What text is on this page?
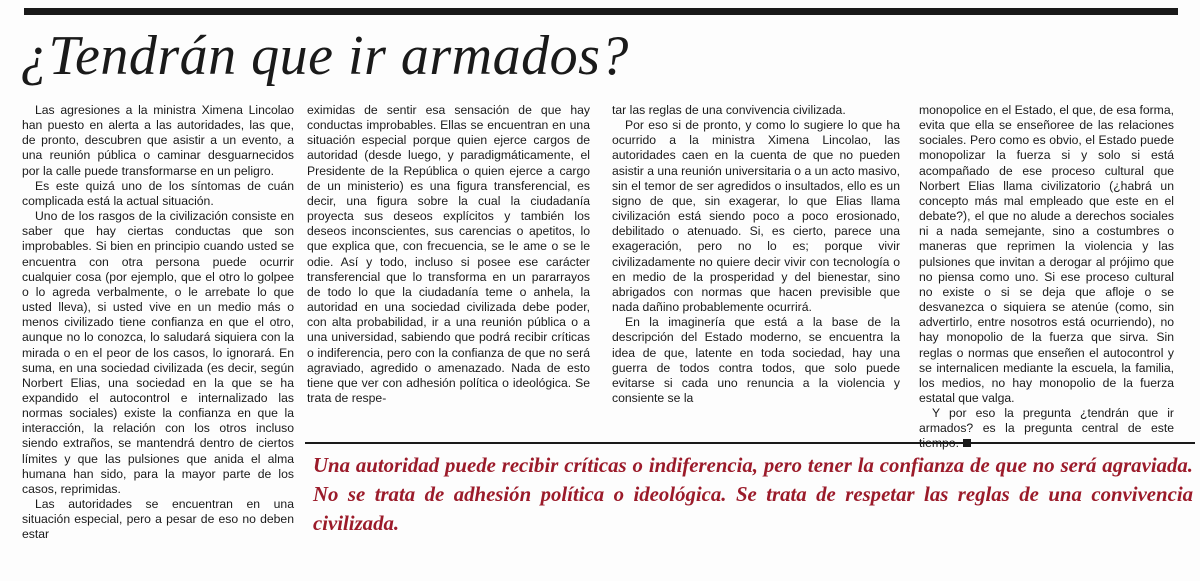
¿Tendrán que ir armados?

Las agresiones a la ministra Ximena Lincolao han puesto en alerta a las autoridades, las que, de pronto, descubren que asistir a un evento, a una reunión pública o caminar desguarnecidos por la calle puede transformarse en un peligro.

Es este quizá uno de los síntomas de cuán complicada está la actual situación.

Uno de los rasgos de la civilización consiste en saber que hay ciertas conductas que son improbables. Si bien en principio cuando usted se encuentra con otra persona puede ocurrir cualquier cosa (por ejemplo, que el otro lo golpee o lo agreda verbalmente, o le arrebate lo que usted lleva), si usted vive en un medio más o menos civilizado tiene confianza en que el otro, aunque no lo conozca, lo saludará siquiera con la mirada o en el peor de los casos, lo ignorará. En suma, en una sociedad civilizada (es decir, según Norbert Elias, una sociedad en la que se ha expandido el autocontrol e internalizado las normas sociales) existe la confianza en que la interacción, la relación con los otros incluso siendo extraños, se mantendrá dentro de ciertos límites y que las pulsiones que anida el alma humana han sido, para la mayor parte de los casos, reprimidas.

Las autoridades se encuentran en una situación especial, pero a pesar de eso no deben estar

eximidas de sentir esa sensación de que hay conductas improbables. Ellas se encuentran en una situación especial porque quien ejerce cargos de autoridad (desde luego, y paradigmáticamente, el Presidente de la República o quien ejerce a cargo de un ministerio) es una figura transferencial, es decir, una figura sobre la cual la ciudadanía proyecta sus deseos explícitos y también los deseos inconscientes, sus carencias o apetitos, lo que explica que, con frecuencia, se le ame o se le odie. Así y todo, incluso si posee ese carácter transferencial que lo transforma en un pararrayos de todo lo que la ciudadanía teme o anhela, la autoridad en una sociedad civilizada debe poder, con alta probabilidad, ir a una reunión pública o a una universidad, sabiendo que podrá recibir críticas o indiferencia, pero con la confianza de que no será agraviado, agredido o amenazado. Nada de esto tiene que ver con adhesión política o ideológica. Se trata de respe-

tar las reglas de una convivencia civilizada.

Por eso si de pronto, y como lo sugiere lo que ha ocurrido a la ministra Ximena Lincolao, las autoridades caen en la cuenta de que no pueden asistir a una reunión universitaria o a un acto masivo, sin el temor de ser agredidos o insultados, ello es un signo de que, sin exagerar, lo que Elias llama civilización está siendo poco a poco erosionado, debilitado o atenuado. Si, es cierto, parece una exageración, pero no lo es; porque vivir civilizadamente no quiere decir vivir con tecnología o en medio de la prosperidad y del bienestar, sino abrigados con normas que hacen previsible que nada dañino probablemente ocurrirá.

En la imaginería que está a la base de la descripción del Estado moderno, se encuentra la idea de que, latente en toda sociedad, hay una guerra de todos contra todos, que solo puede evitarse si cada uno renuncia a la violencia y consiente se la

monopolice en el Estado, el que, de esa forma, evita que ella se enseñoree de las relaciones sociales. Pero como es obvio, el Estado puede monopolizar la fuerza si y solo si está acompañado de ese proceso cultural que Norbert Elias llama civilizatorio (¿habrá un concepto más mal empleado que este en el debate?), el que no alude a derechos sociales ni a nada semejante, sino a costumbres o maneras que reprimen la violencia y las pulsiones que invitan a derogar al prójimo que no piensa como uno. Si ese proceso cultural no existe o si se deja que afloje o se desvanezca o siquiera se atenúe (como, sin advertirlo, entre nosotros está ocurriendo), no hay monopolio de la fuerza que sirva. Sin reglas o normas que enseñen el autocontrol y se internalicen mediante la escuela, la familia, los medios, no hay monopolio de la fuerza estatal que valga.

Y por eso la pregunta ¿tendrán que ir armados? es la pregunta central de este

Una autoridad puede recibir críticas o indiferencia, pero tener la confianza de que no será agraviada. No se trata de adhesión política o ideológica. Se trata de respetar las reglas de una convivencia civilizada.
